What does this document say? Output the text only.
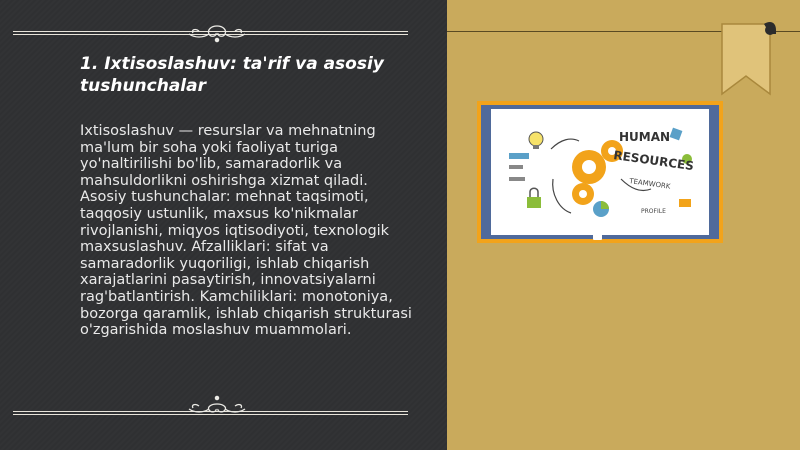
1. Ixtisoslashuv: ta'rif va asosiy tushunchalar

Ixtisoslashuv — resurslar va mehnatning ma'lum bir soha yoki faoliyat turiga yo'naltirilishi bo'lib, samaradorlik va mahsuldorlikni oshirishga xizmat qiladi. Asosiy tushunchalar: mehnat taqsimoti, taqqosiy ustunlik, maxsus ko'nikmalar rivojlanishi, miqyos iqtisodiyoti, texnologik maxsuslashuv. Afzalliklari: sifat va samaradorlik yuqoriligi, ishlab chiqarish xarajatlarini pasaytirish, innovatsiyalarni rag'batlantirish. Kamchiliklari: monotoniya, bozorga qaramlik, ishlab chiqarish strukturasi o'zgarishida moslashuv muammolari.

HUMAN
RESOURCES
TEAMWORK
PROFILE
